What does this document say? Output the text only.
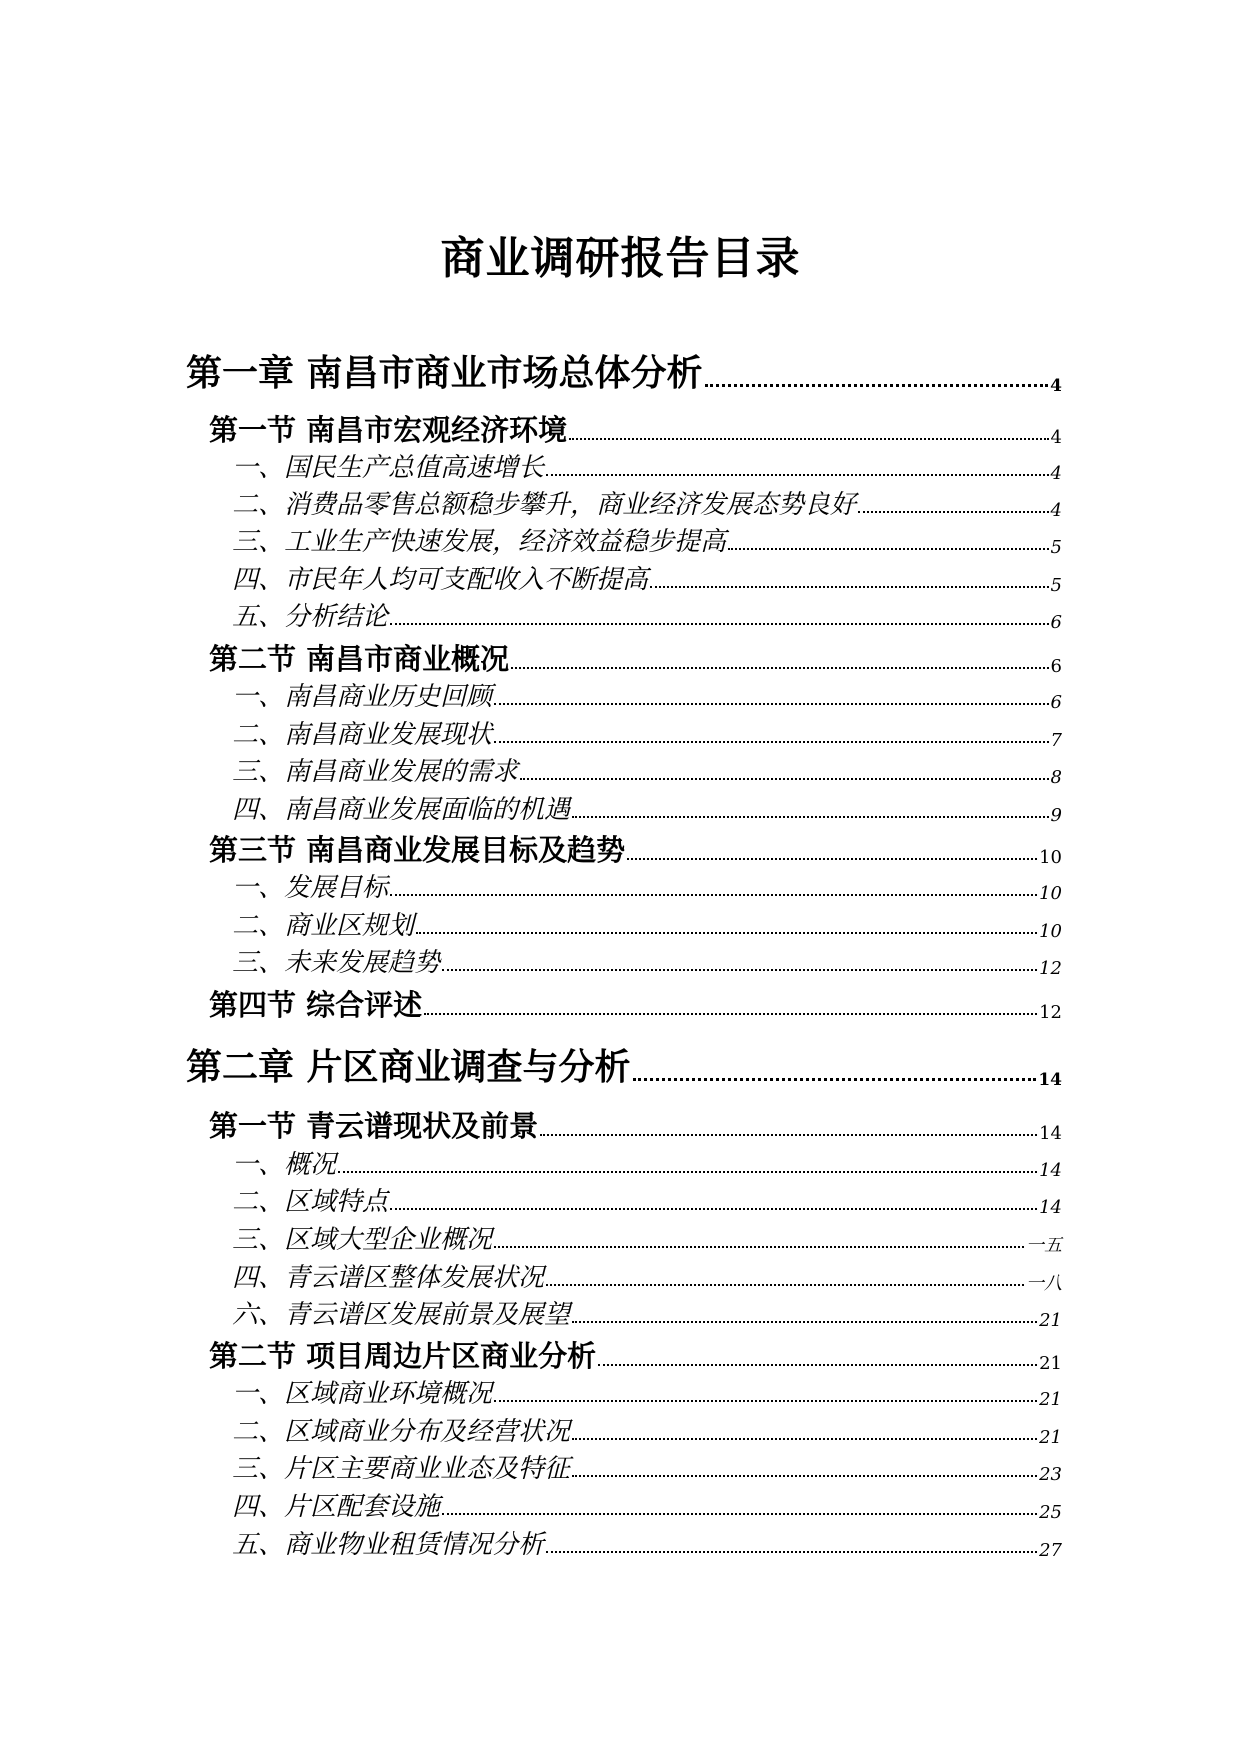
商业调研报告目录
第一章 南昌市商业市场总体分析	4
第一节 南昌市宏观经济环境	4
一、国民生产总值高速增长	4
二、消费品零售总额稳步攀升，商业经济发展态势良好	4
三、工业生产快速发展，经济效益稳步提高	5
四、市民年人均可支配收入不断提高	5
五、分析结论	6
第二节 南昌市商业概况	6
一、南昌商业历史回顾	6
二、南昌商业发展现状	7
三、南昌商业发展的需求	8
四、南昌商业发展面临的机遇	9
第三节 南昌商业发展目标及趋势	10
一、发展目标	10
二、商业区规划	10
三、未来发展趋势	12
第四节 综合评述	12
第二章 片区商业调查与分析	14
第一节 青云谱现状及前景	14
一、概况	14
二、区域特点	14
三、区域大型企业概况	一五
四、青云谱区整体发展状况	一八
六、青云谱区发展前景及展望	21
第二节 项目周边片区商业分析	21
一、区域商业环境概况	21
二、区域商业分布及经营状况	21
三、片区主要商业业态及特征	23
四、片区配套设施	25
五、商业物业租赁情况分析	27
